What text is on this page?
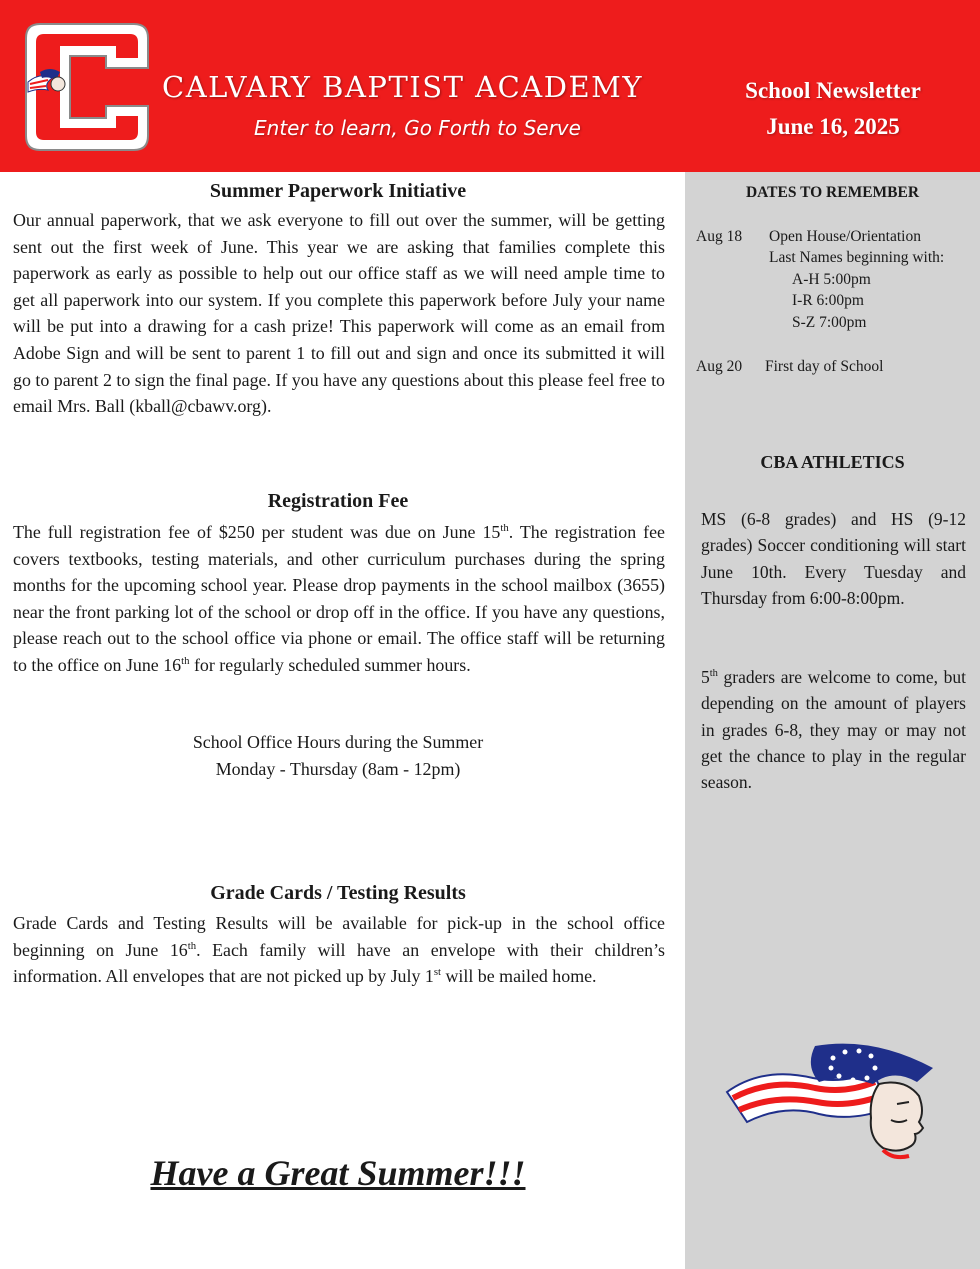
CALVARY BAPTIST ACADEMY
Enter to learn, Go Forth to Serve
School Newsletter
June 16, 2025
DATES TO REMEMBER
Aug 18 Open House/Orientation
Last Names beginning with:
A-H 5:00pm
I-R 6:00pm
S-Z 7:00pm
Aug 20 First day of School
CBA ATHLETICS
MS (6-8 grades) and HS (9-12 grades) Soccer conditioning will start June 10th. Every Tuesday and Thursday from 6:00-8:00pm.
5th graders are welcome to come, but depending on the amount of players in grades 6-8, they may or may not get the chance to play in the regular season.
Summer Paperwork Initiative
Our annual paperwork, that we ask everyone to fill out over the summer, will be getting sent out the first week of June. This year we are asking that families complete this paperwork as early as possible to help out our office staff as we will need ample time to get all paperwork into our system. If you complete this paperwork before July your name will be put into a drawing for a cash prize! This paperwork will come as an email from Adobe Sign and will be sent to parent 1 to fill out and sign and once its submitted it will go to parent 2 to sign the final page. If you have any questions about this please feel free to email Mrs. Ball (kball@cbawv.org).
Registration Fee
The full registration fee of $250 per student was due on June 15th. The registration fee covers textbooks, testing materials, and other curriculum purchases during the spring months for the upcoming school year. Please drop payments in the school mailbox (3655) near the front parking lot of the school or drop off in the office. If you have any questions, please reach out to the school office via phone or email. The office staff will be returning to the office on June 16th for regularly scheduled summer hours.
School Office Hours during the Summer
Monday - Thursday (8am - 12pm)
Grade Cards / Testing Results
Grade Cards and Testing Results will be available for pick-up in the school office beginning on June 16th. Each family will have an envelope with their children’s information. All envelopes that are not picked up by July 1st will be mailed home.
Have a Great Summer!!!
